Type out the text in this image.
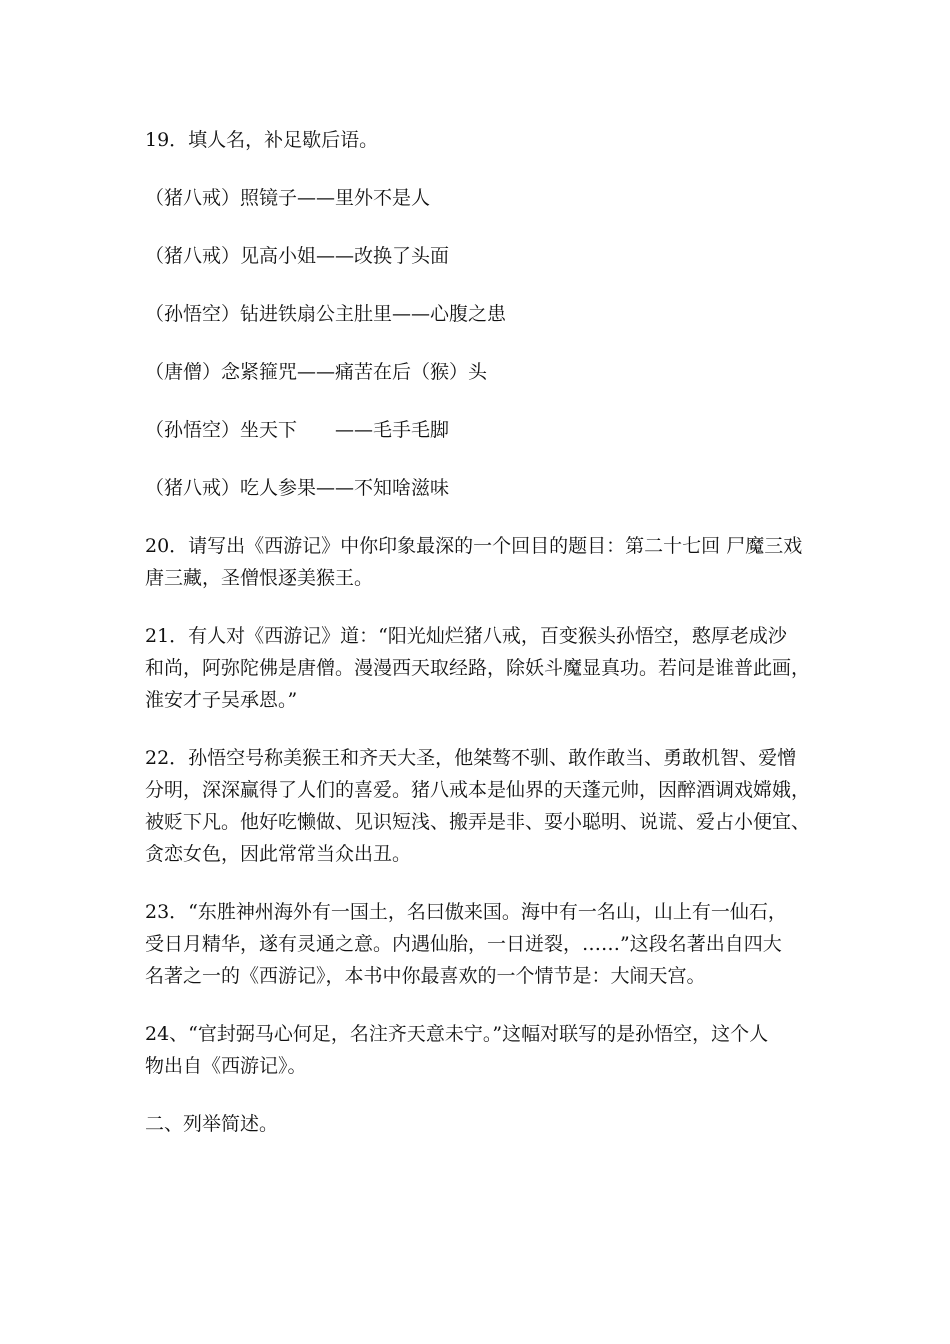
19．填人名，补足歇后语。

（猪八戒）照镜子——里外不是人

（猪八戒）见高小姐——改换了头面

（孙悟空）钻进铁扇公主肚里——心腹之患

（唐僧）念紧箍咒——痛苦在后（猴）头

（孙悟空）坐天下　　——毛手毛脚

（猪八戒）吃人参果——不知啥滋味

20．请写出《西游记》中你印象最深的一个回目的题目：第二十七回 尸魔三戏
唐三藏，圣僧恨逐美猴王。
21．有人对《西游记》道：“阳光灿烂猪八戒，百变猴头孙悟空，憨厚老成沙
和尚，阿弥陀佛是唐僧。漫漫西天取经路，除妖斗魔显真功。若问是谁普此画，
淮安才子吴承恩。”
22．孙悟空号称美猴王和齐天大圣，他桀骜不驯、敢作敢当、勇敢机智、爱憎
分明，深深赢得了人们的喜爱。猪八戒本是仙界的天蓬元帅，因醉酒调戏嫦娥，
被贬下凡。他好吃懒做、见识短浅、搬弄是非、耍小聪明、说谎、爱占小便宜、
贪恋女色，因此常常当众出丑。
23．“东胜神州海外有一国土，名曰傲来国。海中有一名山，山上有一仙石，
受日月精华，遂有灵通之意。内遇仙胎，一日迸裂，……”这段名著出自四大
名著之一的《西游记》，本书中你最喜欢的一个情节是：大闹天宫。
24、“官封弼马心何足，名注齐天意未宁。”这幅对联写的是孙悟空，这个人
物出自《西游记》。

二、列举简述。
